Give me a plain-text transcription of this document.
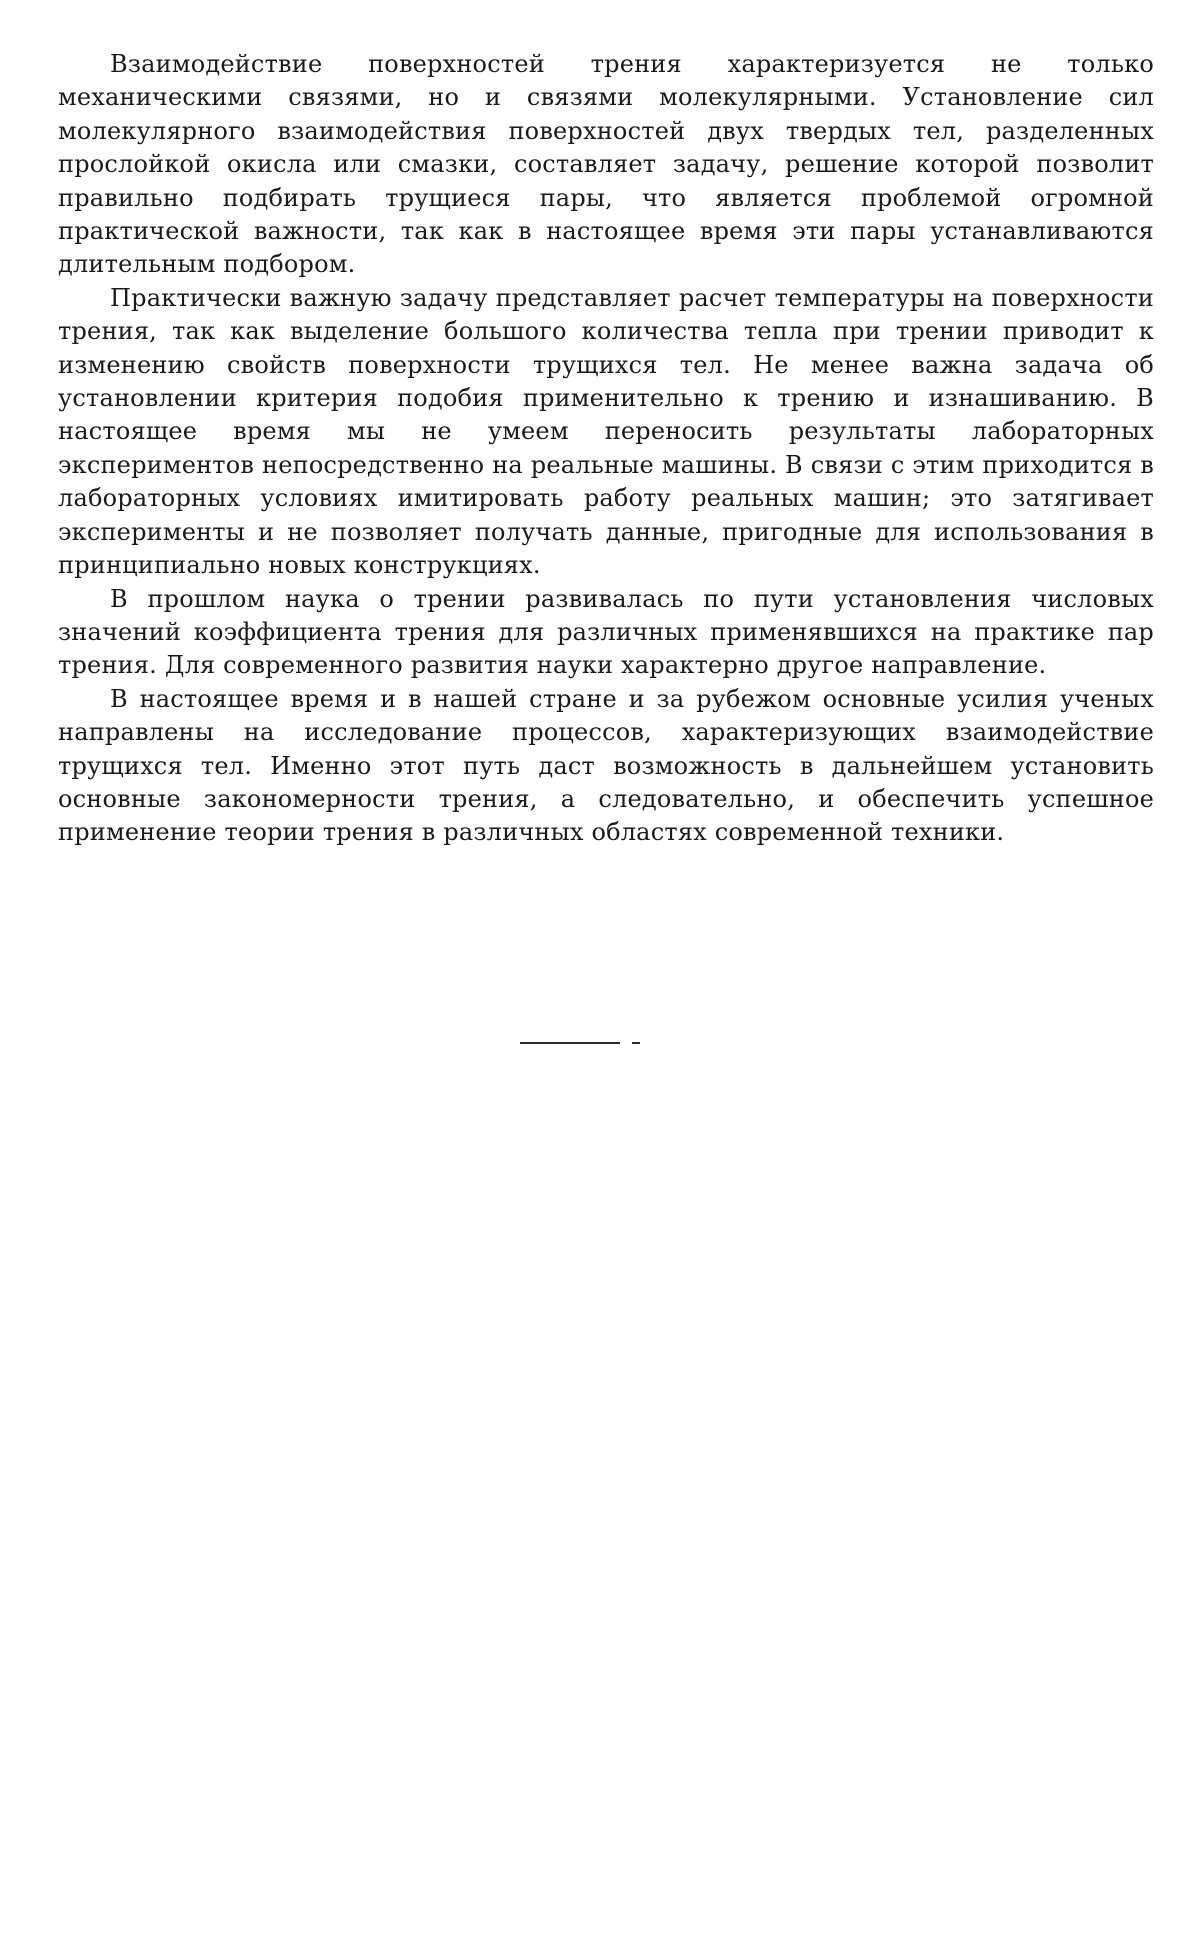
Взаимодействие поверхностей трения характеризуется не только механическими связями, но и связями молекулярными. Установление сил молекулярного взаимодействия поверхностей двух твердых тел, разделенных прослойкой окисла или смазки, составляет задачу, решение которой позволит правильно подбирать трущиеся пары, что является проблемой огромной практической важности, так как в настоящее время эти пары устанавливаются длительным подбором.

Практически важную задачу представляет расчет температуры на поверхности трения, так как выделение большого количества тепла при трении приводит к изменению свойств поверхности трущихся тел. Не менее важна задача об установлении критерия подобия применительно к трению и изнашиванию. В настоящее время мы не умеем переносить результаты лабораторных экспериментов непосредственно на реальные машины. В связи с этим приходится в лабораторных условиях имитировать работу реальных машин; это затягивает эксперименты и не позволяет получать данные, пригодные для использования в принципиально новых конструкциях.

В прошлом наука о трении развивалась по пути установления числовых значений коэффициента трения для различных применявшихся на практике пар трения. Для современного развития науки характерно другое направление.

В настоящее время и в нашей стране и за рубежом основные усилия ученых направлены на исследование процессов, характеризующих взаимодействие трущихся тел. Именно этот путь даст возможность в дальнейшем установить основные закономерности трения, а следовательно, и обеспечить успешное применение теории трения в различных областях современной техники.
